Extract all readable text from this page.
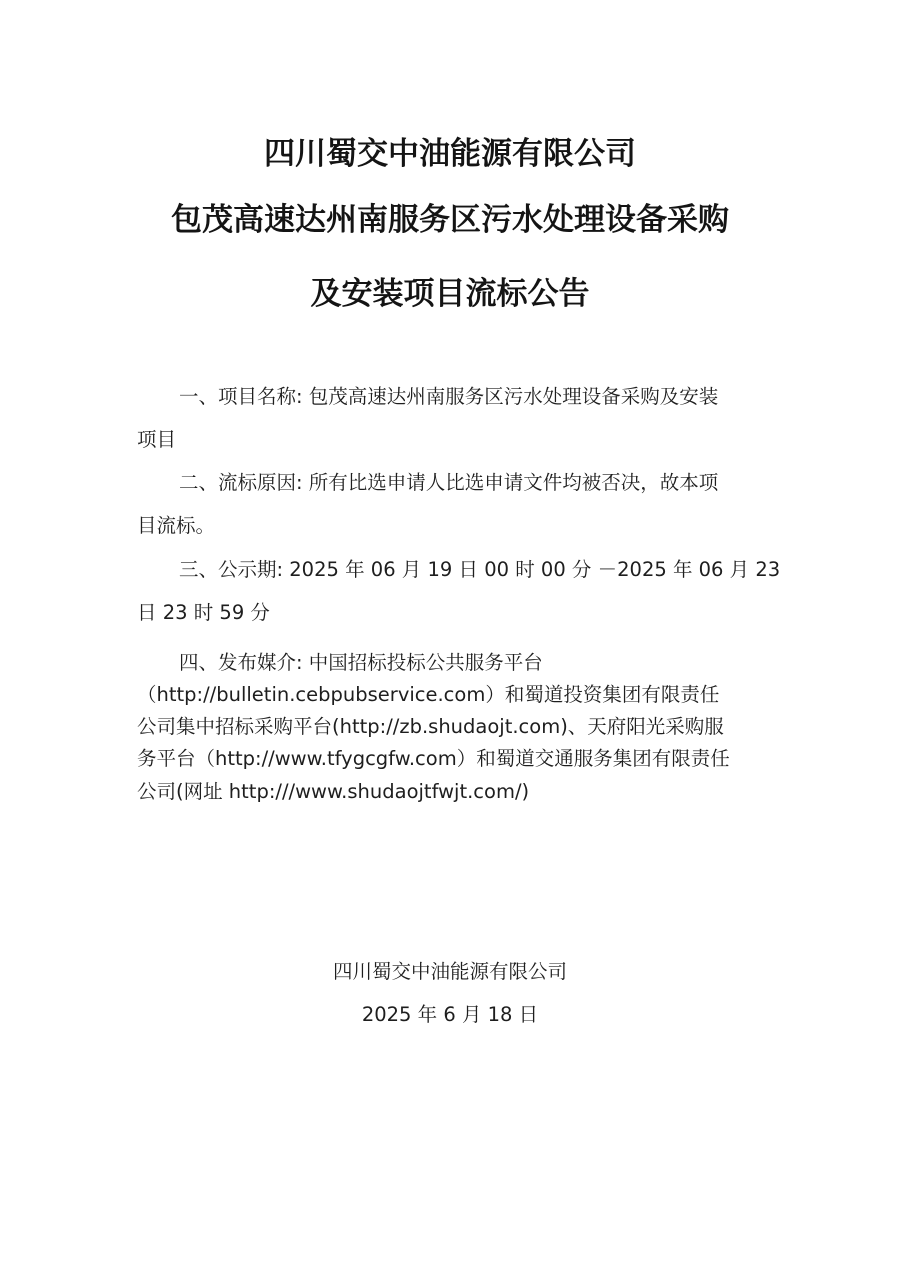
四川蜀交中油能源有限公司
包茂高速达州南服务区污水处理设备采购
及安装项目流标公告
一、项目名称: 包茂高速达州南服务区污水处理设备采购及安装
项目
二、流标原因: 所有比选申请人比选申请文件均被否决，故本项
目流标。
三、公示期: 2025 年 06 月 19 日 00 时 00 分 －2025 年 06 月 23
日 23 时 59 分
四、发布媒介: 中国招标投标公共服务平台
（http://bulletin.cebpubservice.com）和蜀道投资集团有限责任
公司集中招标采购平台(http://zb.shudaojt.com)、天府阳光采购服
务平台（http://www.tfygcgfw.com）和蜀道交通服务集团有限责任
公司(网址 http:///www.shudaojtfwjt.com/)
四川蜀交中油能源有限公司
2025 年 6 月 18 日
